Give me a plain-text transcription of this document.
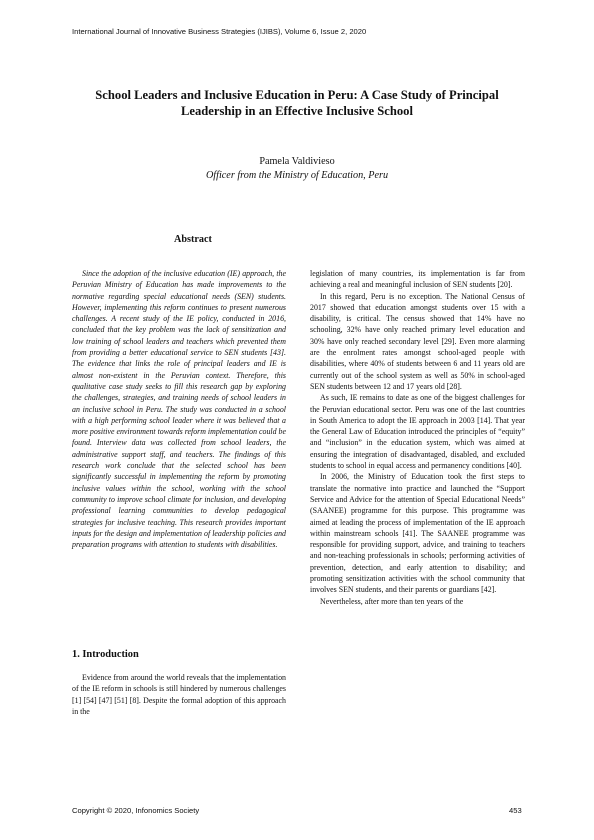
International Journal of Innovative Business Strategies (IJIBS), Volume 6, Issue 2, 2020
School Leaders and Inclusive Education in Peru: A Case Study of Principal Leadership in an Effective Inclusive School
Pamela Valdivieso
Officer from the Ministry of Education, Peru
Abstract

Since the adoption of the inclusive education (IE) approach, the Peruvian Ministry of Education has made improvements to the normative regarding special educational needs (SEN) students. However, implementing this reform continues to present numerous challenges. A recent study of the IE policy, conducted in 2016, concluded that the key problem was the lack of sensitization and low training of school leaders and teachers which prevented them from providing a better educational service to SEN students [43]. The evidence that links the role of principal leaders and IE is almost non-existent in the Peruvian context. Therefore, this qualitative case study seeks to fill this research gap by exploring the challenges, strategies, and training needs of school leaders in an inclusive school in Peru. The study was conducted in a school with a high performing school leader where it was believed that a more positive environment towards reform implementation could be found. Interview data was collected from school leaders, the administrative support staff, and teachers. The findings of this research work conclude that the selected school has been significantly successful in implementing the reform by promoting inclusive values within the school, working with the school community to improve school climate for inclusion, and developing professional learning communities to develop pedagogical strategies for inclusive teaching. This research provides important inputs for the design and implementation of leadership policies and preparation programs with attention to students with disabilities.

1. Introduction

Evidence from around the world reveals that the implementation of the IE reform in schools is still hindered by numerous challenges [1] [54] [47] [51] [8]. Despite the formal adoption of this approach in the

legislation of many countries, its implementation is far from achieving a real and meaningful inclusion of SEN students [20].

In this regard, Peru is no exception. The National Census of 2017 showed that education amongst students over 15 with a disability, is critical. The census showed that 14% have no schooling, 32% have only reached primary level education and 30% have only reached secondary level [29]. Even more alarming are the enrolment rates amongst school-aged people with disabilities, where 40% of students between 6 and 11 years old are currently out of the school system as well as 50% in school-aged SEN students between 12 and 17 years old [28].

As such, IE remains to date as one of the biggest challenges for the Peruvian educational sector. Peru was one of the last countries in South America to adopt the IE approach in 2003 [14]. That year the General Law of Education introduced the principles of “equity” and “inclusion” in the education system, which was aimed at ensuring the integration of disadvantaged, disabled, and excluded students to school in equal access and permanency conditions [40].

In 2006, the Ministry of Education took the first steps to translate the normative into practice and launched the “Support Service and Advice for the attention of Special Educational Needs” (SAANEE) programme for this purpose. This programme was aimed at leading the process of implementation of the IE approach within mainstream schools [41]. The SAANEE programme was responsible for providing support, advice, and training to teachers and non-teaching professionals in schools; performing activities of prevention, detection, and early attention to disability; and promoting sensitization activities with the school community that involves SEN students, and their parents or guardians [42].

Nevertheless, after more than ten years of the

Copyright © 2020, Infonomics Society	453
